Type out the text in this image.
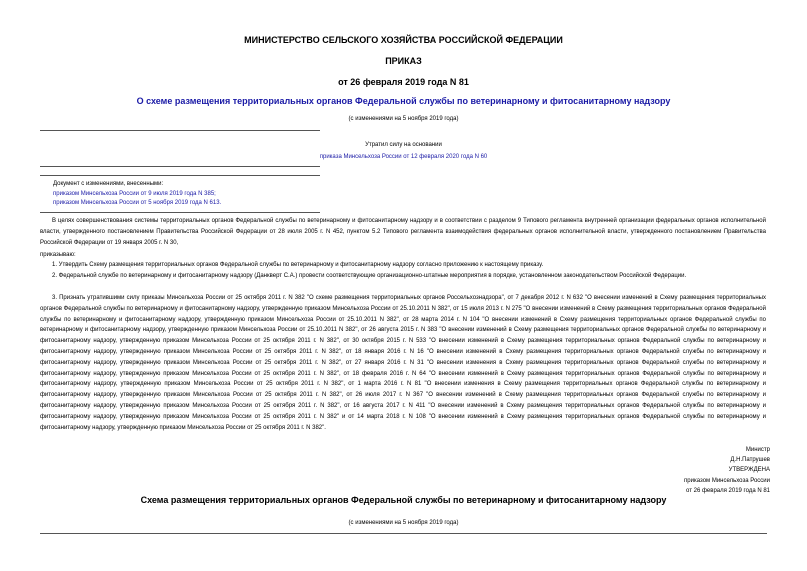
МИНИСТЕРСТВО СЕЛЬСКОГО ХОЗЯЙСТВА РОССИЙСКОЙ ФЕДЕРАЦИИ
ПРИКАЗ
от 26 февраля 2019 года N 81
О схеме размещения территориальных органов Федеральной службы по ветеринарному и фитосанитарному надзору
(с изменениями на 5 ноября 2019 года)
Утратил силу на основании
приказа Минсельхоза России от 12 февраля 2020 года N 60
Документ с изменениями, внесенными:
приказом Минсельхоза России от 9 июля 2019 года N 385;
приказом Минсельхоза России от 5 ноября 2019 года N 613.
В целях совершенствования системы территориальных органов Федеральной службы по ветеринарному и фитосанитарному надзору и в соответствии с разделом 9 Типового регламента внутренней организации федеральных органов исполнительной власти, утвержденного постановлением Правительства Российской Федерации от 28 июля 2005 г. N 452, пунктом 5.2 Типового регламента взаимодействия федеральных органов исполнительной власти, утвержденного постановлением Правительства Российской Федерации от 19 января 2005 г. N 30,
приказываю:
1. Утвердить Схему размещения территориальных органов Федеральной службы по ветеринарному и фитосанитарному надзору согласно приложению к настоящему приказу.
2. Федеральной службе по ветеринарному и фитосанитарному надзору (Данкверт С.А.) провести соответствующие организационно-штатные мероприятия в порядке, установленном законодательством Российской Федерации.
3. Признать утратившими силу приказы Минсельхоза России от 25 октября 2011 г. N 382 "О схеме размещения территориальных органов Россельхознадзора", от 7 декабря 2012 г. N 632 "О внесении изменений в Схему размещения территориальных органов Федеральной службы по ветеринарному и фитосанитарному надзору, утвержденную приказом Минсельхоза России от 25.10.2011 N 382", от 15 июля 2013 г. N 275 "О внесении изменений в Схему размещения территориальных органов Федеральной службы по ветеринарному и фитосанитарному надзору, утвержденную приказом Минсельхоза России от 25.10.2011 N 382", от 28 марта 2014 г. N 104 "О внесении изменений в Схему размещения территориальных органов Федеральной службы по ветеринарному и фитосанитарному надзору, утвержденную приказом Минсельхоза России от 25.10.2011 N 382", от 26 августа 2015 г. N 383 "О внесении изменений в Схему размещения территориальных органов Федеральной службы по ветеринарному и фитосанитарному надзору, утвержденную приказом Минсельхоза России от 25 октября 2011 г. N 382", от 30 октября 2015 г. N 533 "О внесении изменений в Схему размещения территориальных органов Федеральной службы по ветеринарному и фитосанитарному надзору, утвержденную приказом Минсельхоза России от 25 октября 2011 г. N 382", от 18 января 2016 г. N 16 "О внесении изменений в Схему размещения территориальных органов Федеральной службы по ветеринарному и фитосанитарному надзору, утвержденную приказом Минсельхоза России от 25 октября 2011 г. N 382", от 27 января 2016 г. N 31 "О внесении изменения в Схему размещения территориальных органов Федеральной службы по ветеринарному и фитосанитарному надзору, утвержденную приказом Минсельхоза России от 25 октября 2011 г. N 382", от 18 февраля 2016 г. N 64 "О внесении изменений в Схему размещения территориальных органов Федеральной службы по ветеринарному и фитосанитарному надзору, утвержденную приказом Минсельхоза России от 25 октября 2011 г. N 382", от 1 марта 2016 г. N 81 "О внесении изменения в Схему размещения территориальных органов Федеральной службы по ветеринарному и фитосанитарному надзору, утвержденную приказом Минсельхоза России от 25 октября 2011 г. N 382", от 26 июля 2017 г. N 367 "О внесении изменений в Схему размещения территориальных органов Федеральной службы по ветеринарному и фитосанитарному надзору, утвержденную приказом Минсельхоза России от 25 октября 2011 г. N 382", от 16 августа 2017 г. N 411 "О внесении изменений в Схему размещения территориальных органов Федеральной службы по ветеринарному и фитосанитарному надзору, утвержденную приказом Минсельхоза России от 25 октября 2011 г. N 382" и от 14 марта 2018 г. N 108 "О внесении изменений в Схему размещения территориальных органов Федеральной службы по ветеринарному и фитосанитарному надзору, утвержденную приказом Минсельхоза России от 25 октября 2011 г. N 382".
Министр
Д.Н.Патрушев
УТВЕРЖДЕНА
приказом Минсельхоза России
от 26 февраля 2019 года N 81
Схема размещения территориальных органов Федеральной службы по ветеринарному и фитосанитарному надзору
(с изменениями на 5 ноября 2019 года)
